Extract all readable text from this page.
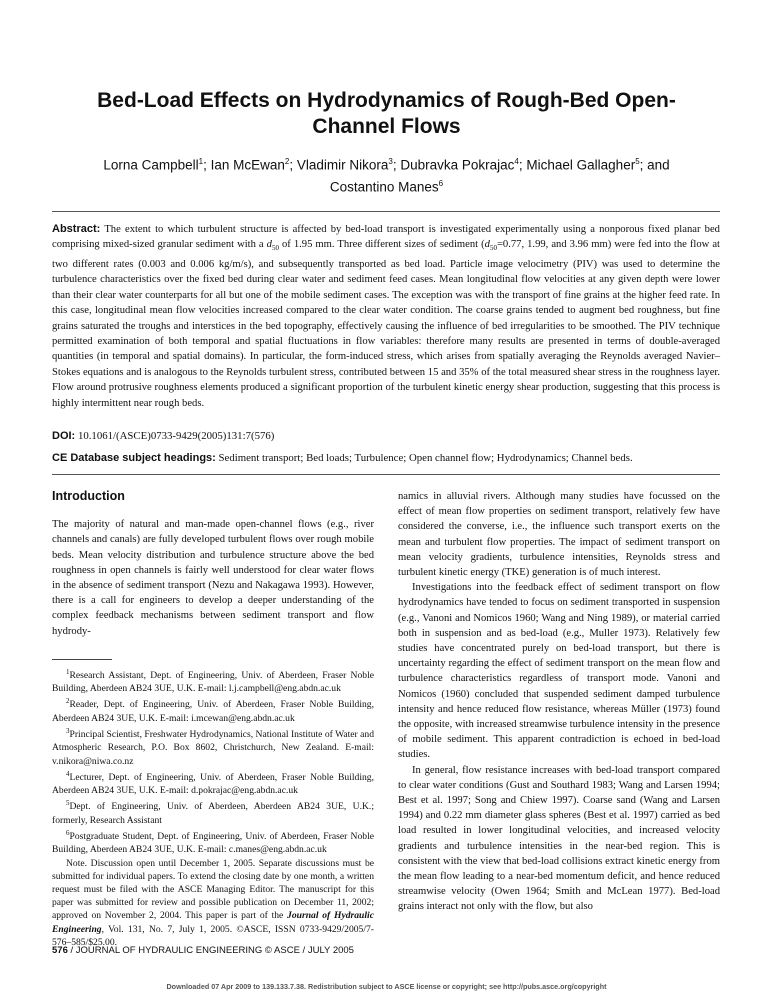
Bed-Load Effects on Hydrodynamics of Rough-Bed Open-Channel Flows

Lorna Campbell$^1$; Ian McEwan$^2$; Vladimir Nikora$^3$; Dubravka Pokrajac$^4$; Michael Gallagher$^5$; and
Costantino Manes$^6$

Abstract: The extent to which turbulent structure is affected by bed-load transport is investigated experimentally using a nonporous fixed planar bed comprising mixed-sized granular sediment with a $d_{50}$ of 1.95 mm. Three different sizes of sediment ($d_{50}=0.77$, 1.99, and 3.96 mm) were fed into the flow at two different rates (0.003 and 0.006 kg/m/s), and subsequently transported as bed load. Particle image velocimetry (PIV) was used to determine the turbulence characteristics over the fixed bed during clear water and sediment feed cases. Mean longitudinal flow velocities at any given depth were lower than their clear water counterparts for all but one of the mobile sediment cases. The exception was with the transport of fine grains at the higher feed rate. In this case, longitudinal mean flow velocities increased compared to the clear water condition. The coarse grains tended to augment bed roughness, but fine grains saturated the troughs and interstices in the bed topography, effectively causing the influence of bed irregularities to be smoothed. The PIV technique permitted examination of both temporal and spatial fluctuations in flow variables: therefore many results are presented in terms of double-averaged quantities (in temporal and spatial domains). In particular, the form-induced stress, which arises from spatially averaging the Reynolds averaged Navier–Stokes equations and is analogous to the Reynolds turbulent stress, contributed between 15 and 35% of the total measured shear stress in the roughness layer. Flow around protrusive roughness elements produced a significant proportion of the turbulent kinetic energy shear production, suggesting that this process is highly intermittent near rough beds.

DOI: 10.1061/(ASCE)0733-9429(2005)131:7(576)

CE Database subject headings: Sediment transport; Bed loads; Turbulence; Open channel flow; Hydrodynamics; Channel beds.

Introduction

The majority of natural and man-made open-channel flows (e.g., river channels and canals) are fully developed turbulent flows over rough mobile beds. Mean velocity distribution and turbulence structure above the bed roughness in open channels is fairly well understood for clear water flows in the absence of sediment transport (Nezu and Nakagawa 1993). However, there is a call for engineers to develop a deeper understanding of the complex feedback mechanisms between sediment transport and flow hydrody-

$^1$Research Assistant, Dept. of Engineering, Univ. of Aberdeen, Fraser Noble Building, Aberdeen AB24 3UE, U.K. E-mail: l.j.campbell@eng.abdn.ac.uk

$^2$Reader, Dept. of Engineering, Univ. of Aberdeen, Fraser Noble Building, Aberdeen AB24 3UE, U.K. E-mail: i.mcewan@eng.abdn.ac.uk

$^3$Principal Scientist, Freshwater Hydrodynamics, National Institute of Water and Atmospheric Research, P.O. Box 8602, Christchurch, New Zealand. E-mail: v.nikora@niwa.co.nz

$^4$Lecturer, Dept. of Engineering, Univ. of Aberdeen, Fraser Noble Building, Aberdeen AB24 3UE, U.K. E-mail: d.pokrajac@eng.abdn.ac.uk

$^5$Dept. of Engineering, Univ. of Aberdeen, Aberdeen AB24 3UE, U.K.; formerly, Research Assistant

$^6$Postgraduate Student, Dept. of Engineering, Univ. of Aberdeen, Fraser Noble Building, Aberdeen AB24 3UE, U.K. E-mail: c.manes@eng.abdn.ac.uk

Note. Discussion open until December 1, 2005. Separate discussions must be submitted for individual papers. To extend the closing date by one month, a written request must be filed with the ASCE Managing Editor. The manuscript for this paper was submitted for review and possible publication on December 11, 2002; approved on November 2, 2004. This paper is part of the Journal of Hydraulic Engineering, Vol. 131, No. 7, July 1, 2005. ©ASCE, ISSN 0733-9429/2005/7-576–585/$25.00.

namics in alluvial rivers. Although many studies have focussed on the effect of mean flow properties on sediment transport, relatively few have considered the converse, i.e., the influence such transport exerts on the mean and turbulent flow properties. The impact of sediment transport on mean velocity gradients, turbulence intensities, Reynolds stress and turbulent kinetic energy (TKE) generation is of much interest.

Investigations into the feedback effect of sediment transport on flow hydrodynamics have tended to focus on sediment transported in suspension (e.g., Vanoni and Nomicos 1960; Wang and Ning 1989), or material carried both in suspension and as bed-load (e.g., Muller 1973). Relatively few studies have concentrated purely on bed-load transport, but there is uncertainty regarding the effect of sediment transport on the mean flow and turbulence characteristics regardless of transport mode. Vanoni and Nomicos (1960) concluded that suspended sediment damped turbulence intensity and hence reduced flow resistance, whereas Müller (1973) found the opposite, with increased streamwise turbulence intensity in the presence of mobile sediment. This apparent contradiction is echoed in bed-load studies.

In general, flow resistance increases with bed-load transport compared to clear water conditions (Gust and Southard 1983; Wang and Larsen 1994; Best et al. 1997; Song and Chiew 1997). Coarse sand (Wang and Larsen 1994) and 0.22 mm diameter glass spheres (Best et al. 1997) carried as bed load resulted in lower longitudinal velocities, and increased velocity gradients and turbulence intensities in the near-bed region. This is consistent with the view that bed-load collisions extract kinetic energy from the mean flow leading to a near-bed momentum deficit, and hence reduced streamwise velocity (Owen 1964; Smith and McLean 1977). Bed-load grains interact not only with the flow, but also

576 / JOURNAL OF HYDRAULIC ENGINEERING © ASCE / JULY 2005

Downloaded 07 Apr 2009 to 139.133.7.38. Redistribution subject to ASCE license or copyright; see http://pubs.asce.org/copyright
